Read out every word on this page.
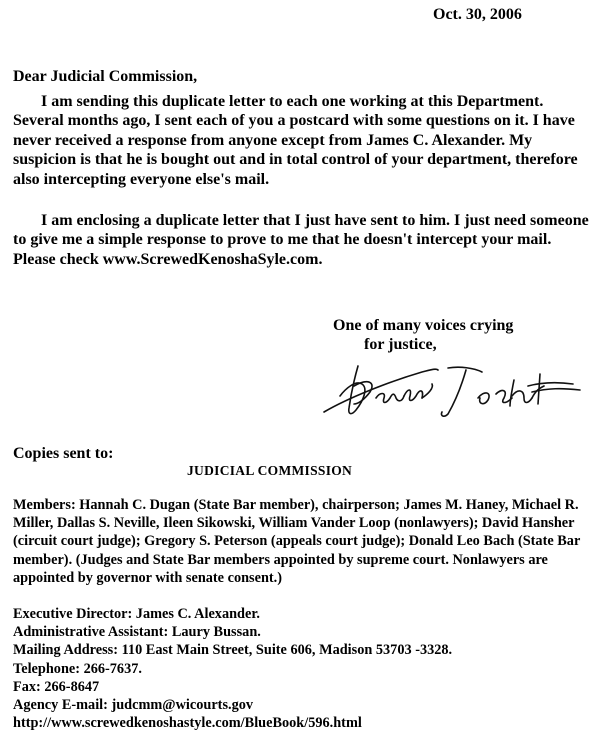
Oct. 30, 2006
Dear Judicial Commission,

I am sending this duplicate letter to each one working at this Department. Several months ago, I sent each of you a postcard with some questions on it. I have never received a response from anyone except from James C. Alexander. My suspicion is that he is bought out and in total control of your department, therefore also intercepting everyone else's mail.

I am enclosing a duplicate letter that I just have sent to him. I just need someone to give me a simple response to prove to me that he doesn't intercept your mail. Please check www.ScrewedKenoshaSyle.com.

One of many voices crying
for justice,
Copies sent to:
JUDICIAL COMMISSION
Members: Hannah C. Dugan (State Bar member), chairperson; James M. Haney, Michael R. Miller, Dallas S. Neville, Ileen Sikowski, William Vander Loop (nonlawyers); David Hansher (circuit court judge); Gregory S. Peterson (appeals court judge); Donald Leo Bach (State Bar member). (Judges and State Bar members appointed by supreme court. Nonlawyers are appointed by governor with senate consent.)
Executive Director: James C. Alexander.
Administrative Assistant: Laury Bussan.
Mailing Address: 110 East Main Street, Suite 606, Madison 53703 -3328.
Telephone: 266-7637.
Fax: 266-8647
Agency E-mail: judcmm@wicourts.gov
http://www.screwedkenoshastyle.com/BlueBook/596.html
